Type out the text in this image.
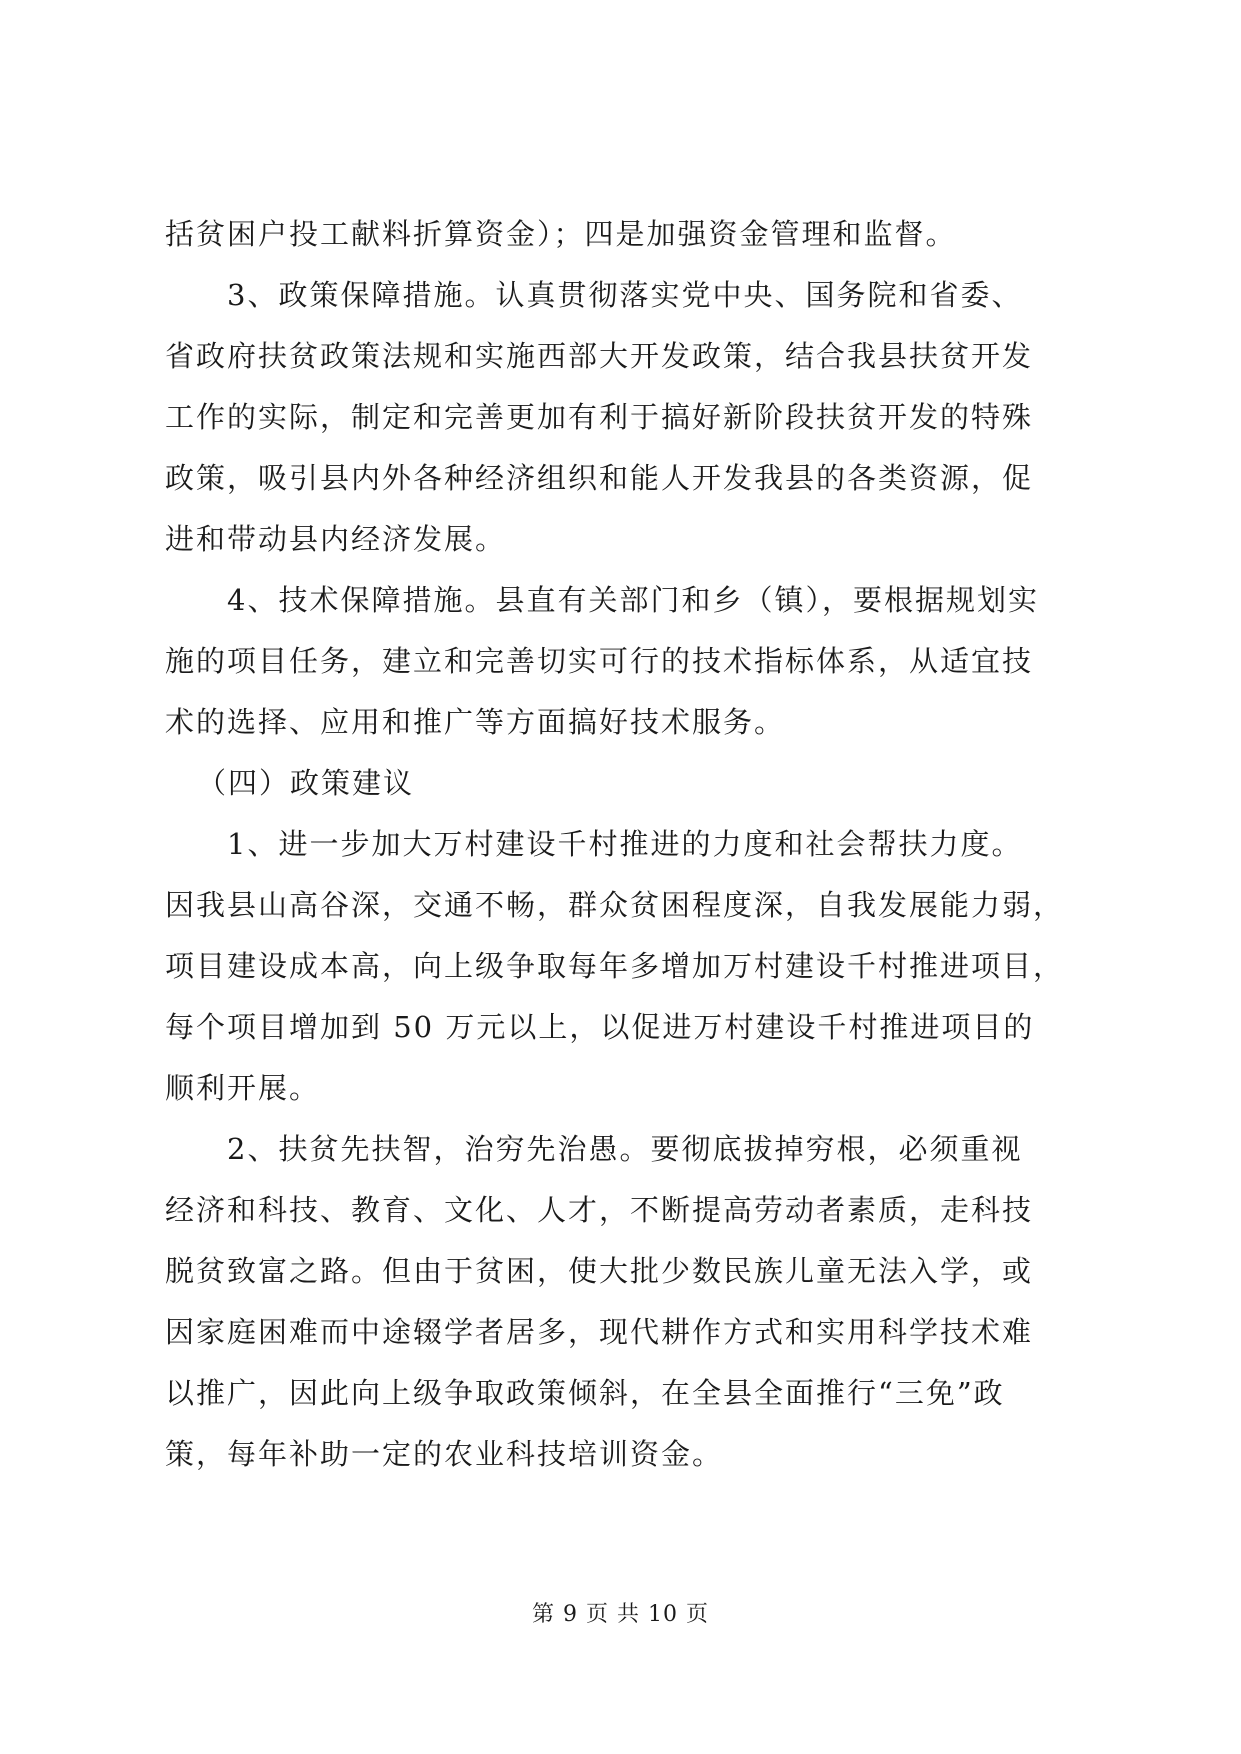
括贫困户投工献料折算资金）；四是加强资金管理和监督。
3、政策保障措施。认真贯彻落实党中央、国务院和省委、
省政府扶贫政策法规和实施西部大开发政策，结合我县扶贫开发
工作的实际，制定和完善更加有利于搞好新阶段扶贫开发的特殊
政策，吸引县内外各种经济组织和能人开发我县的各类资源，促
进和带动县内经济发展。
4、技术保障措施。县直有关部门和乡（镇），要根据规划实
施的项目任务，建立和完善切实可行的技术指标体系，从适宜技
术的选择、应用和推广等方面搞好技术服务。
（四）政策建议
1、进一步加大万村建设千村推进的力度和社会帮扶力度。
因我县山高谷深，交通不畅，群众贫困程度深，自我发展能力弱，
项目建设成本高，向上级争取每年多增加万村建设千村推进项目，
每个项目增加到 50 万元以上，以促进万村建设千村推进项目的
顺利开展。
2、扶贫先扶智，治穷先治愚。要彻底拔掉穷根，必须重视
经济和科技、教育、文化、人才，不断提高劳动者素质，走科技
脱贫致富之路。但由于贫困，使大批少数民族儿童无法入学，或
因家庭困难而中途辍学者居多，现代耕作方式和实用科学技术难
以推广，因此向上级争取政策倾斜，在全县全面推行“三免”政
策，每年补助一定的农业科技培训资金。
第 9 页 共 10 页
